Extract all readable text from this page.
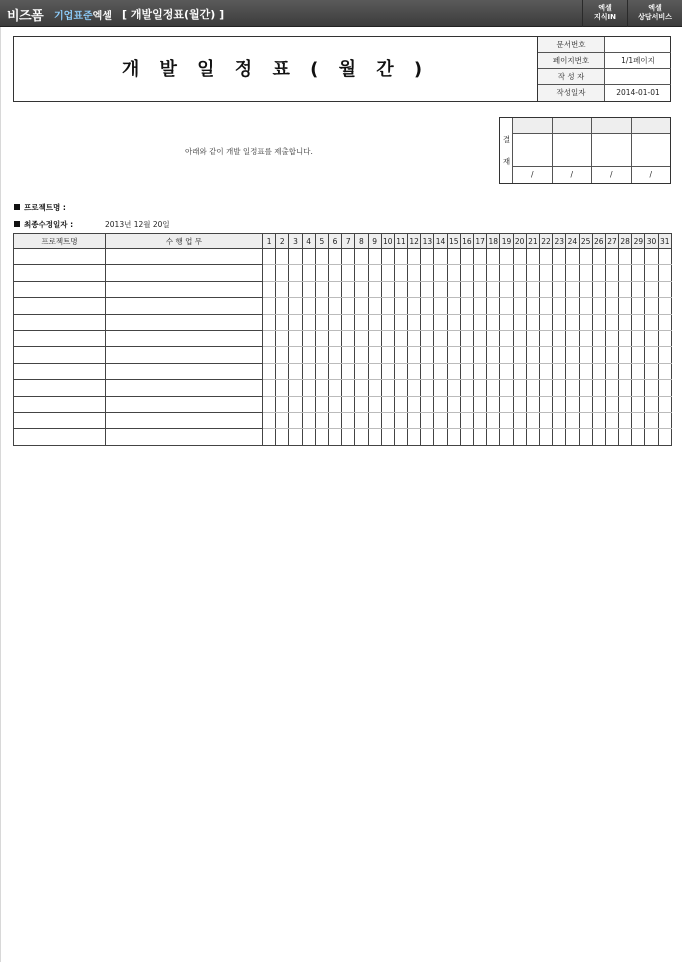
비즈폼 기업표준엑셀 [ 개발일정표(월간) ]	엑셀
지식IN
엑셀
상담서비스
개 발 일 정 표 ( 월 간 )
문서번호
페이지번호	1/1페이지
작 성 자
작성일자	2014-01-01
아래와 같이 개발 일정표를 제출합니다.
결
재
/	/	/	/
프로젝트명 :
최종수정일자 :	2013년 12월 20일
프로젝트명	수 행 업 무	1	2	3	4	5	6	7	8	9	10	11	12	13	14	15	16	17	18	19	20	21	22	23	24	25	26	27	28	29	30	31
